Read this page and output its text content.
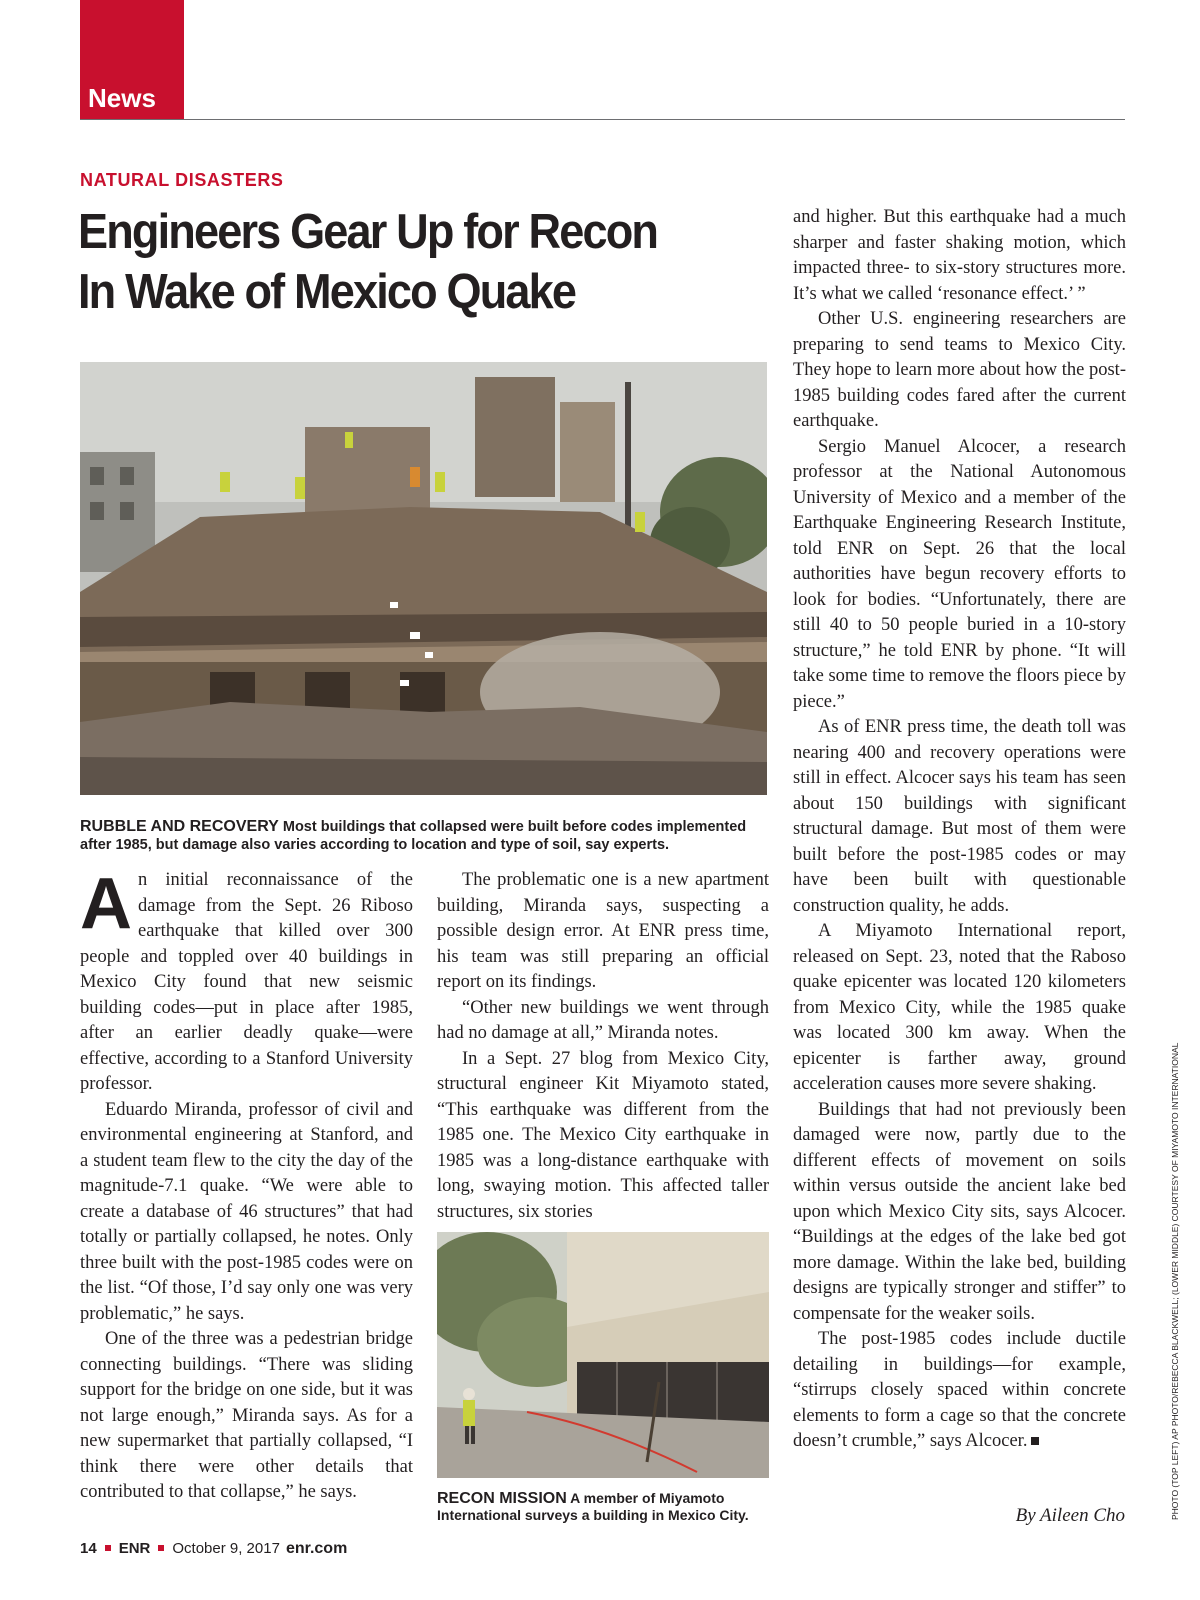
News
NATURAL DISASTERS
Engineers Gear Up for Recon
In Wake of Mexico Quake
RUBBLE AND RECOVERY Most buildings that collapsed were built before codes implemented after 1985, but damage also varies according to location and type of soil, say experts.

An initial reconnaissance of the damage from the Sept. 26 Riboso earthquake that killed over 300 people and toppled over 40 buildings in Mexico City found that new seismic building codes—put in place after 1985, after an earlier deadly quake—were effective, according to a Stanford University professor.

Eduardo Miranda, professor of civil and environmental engineering at Stanford, and a student team flew to the city the day of the magnitude-7.1 quake. “We were able to create a database of 46 structures” that had totally or partially collapsed, he notes. Only three built with the post-1985 codes were on the list. “Of those, I’d say only one was very problematic,” he says.

One of the three was a pedestrian bridge connecting buildings. “There was sliding support for the bridge on one side, but it was not large enough,” Miranda says. As for a new supermarket that partially collapsed, “I think there were other details that contributed to that collapse,” he says.

The problematic one is a new apartment building, Miranda says, suspecting a possible design error. At ENR press time, his team was still preparing an official report on its findings.

“Other new buildings we went through had no damage at all,” Miranda notes.

In a Sept. 27 blog from Mexico City, structural engineer Kit Miyamoto stated, “This earthquake was different from the 1985 one. The Mexico City earthquake in 1985 was a long-distance earthquake with long, swaying motion. This affected taller structures, six stories

RECON MISSION A member of Miyamoto International surveys a building in Mexico City.

and higher. But this earthquake had a much sharper and faster shaking motion, which impacted three- to six-story structures more. It’s what we called ‘resonance effect.’ ”

Other U.S. engineering researchers are preparing to send teams to Mexico City. They hope to learn more about how the post-1985 building codes fared after the current earthquake.

Sergio Manuel Alcocer, a research professor at the National Autonomous University of Mexico and a member of the Earthquake Engineering Research Institute, told ENR on Sept. 26 that the local authorities have begun recovery efforts to look for bodies. “Unfortunately, there are still 40 to 50 people buried in a 10-story structure,” he told ENR by phone. “It will take some time to remove the floors piece by piece.”

As of ENR press time, the death toll was nearing 400 and recovery operations were still in effect. Alcocer says his team has seen about 150 buildings with significant structural damage. But most of them were built before the post-1985 codes or may have been built with questionable construction quality, he adds.

A Miyamoto International report, released on Sept. 23, noted that the Raboso quake epicenter was located 120 kilometers from Mexico City, while the 1985 quake was located 300 km away. When the epicenter is farther away, ground acceleration causes more severe shaking.

Buildings that had not previously been damaged were now, partly due to the different effects of movement on soils within versus outside the ancient lake bed upon which Mexico City sits, says Alcocer. “Buildings at the edges of the lake bed got more damage. Within the lake bed, building designs are typically stronger and stiffer” to compensate for the weaker soils.

The post-1985 codes include ductile detailing in buildings—for example, “stirrups closely spaced within concrete elements to form a cage so that the concrete doesn’t crumble,” says Alcocer.

By Aileen Cho	PHOTO (TOP LEFT) AP PHOTO/REBECCA BLACKWELL; (LOWER MIDDLE) COURTESY OF MIYAMOTO INTERNATIONAL
14 ENR October 9, 2017 enr.com
